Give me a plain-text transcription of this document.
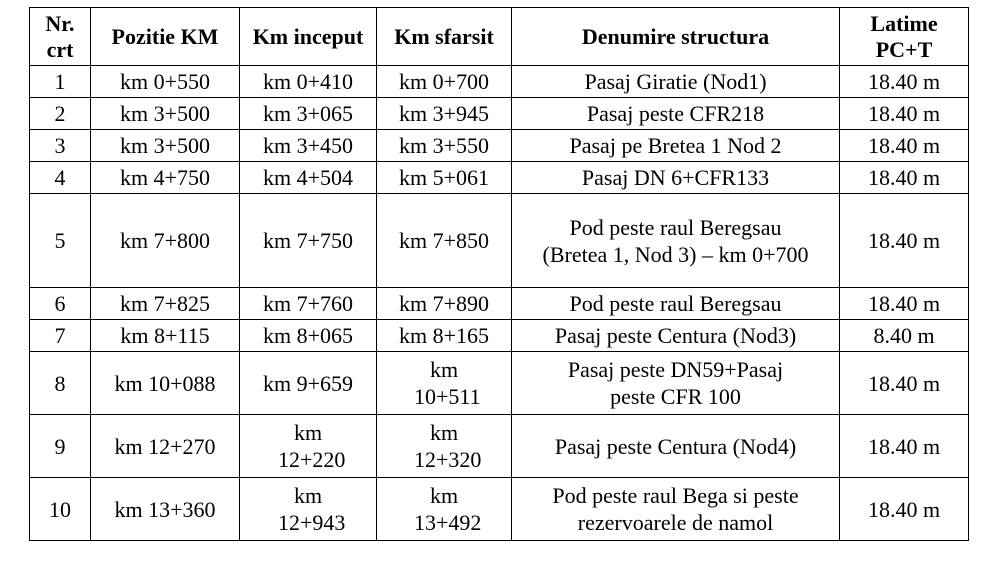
Nr. crt	Pozitie KM	Km inceput	Km sfarsit	Denumire structura	Latime PC+T
1	km 0+550	km 0+410	km 0+700	Pasaj Giratie (Nod1)	18.40 m
2	km 3+500	km 3+065	km 3+945	Pasaj peste CFR218	18.40 m
3	km 3+500	km 3+450	km 3+550	Pasaj pe Bretea 1 Nod 2	18.40 m
4	km 4+750	km 4+504	km 5+061	Pasaj DN 6+CFR133	18.40 m
5	km 7+800	km 7+750	km 7+850	Pod peste raul Beregsau (Bretea 1, Nod 3) – km 0+700	18.40 m
6	km 7+825	km 7+760	km 7+890	Pod peste raul Beregsau	18.40 m
7	km 8+115	km 8+065	km 8+165	Pasaj peste Centura (Nod3)	8.40 m
8	km 10+088	km 9+659	km 10+511	Pasaj peste DN59+Pasaj peste CFR 100	18.40 m
9	km 12+270	km 12+220	km 12+320	Pasaj peste Centura (Nod4)	18.40 m
10	km 13+360	km 12+943	km 13+492	Pod peste raul Bega si peste rezervoarele de namol	18.40 m
